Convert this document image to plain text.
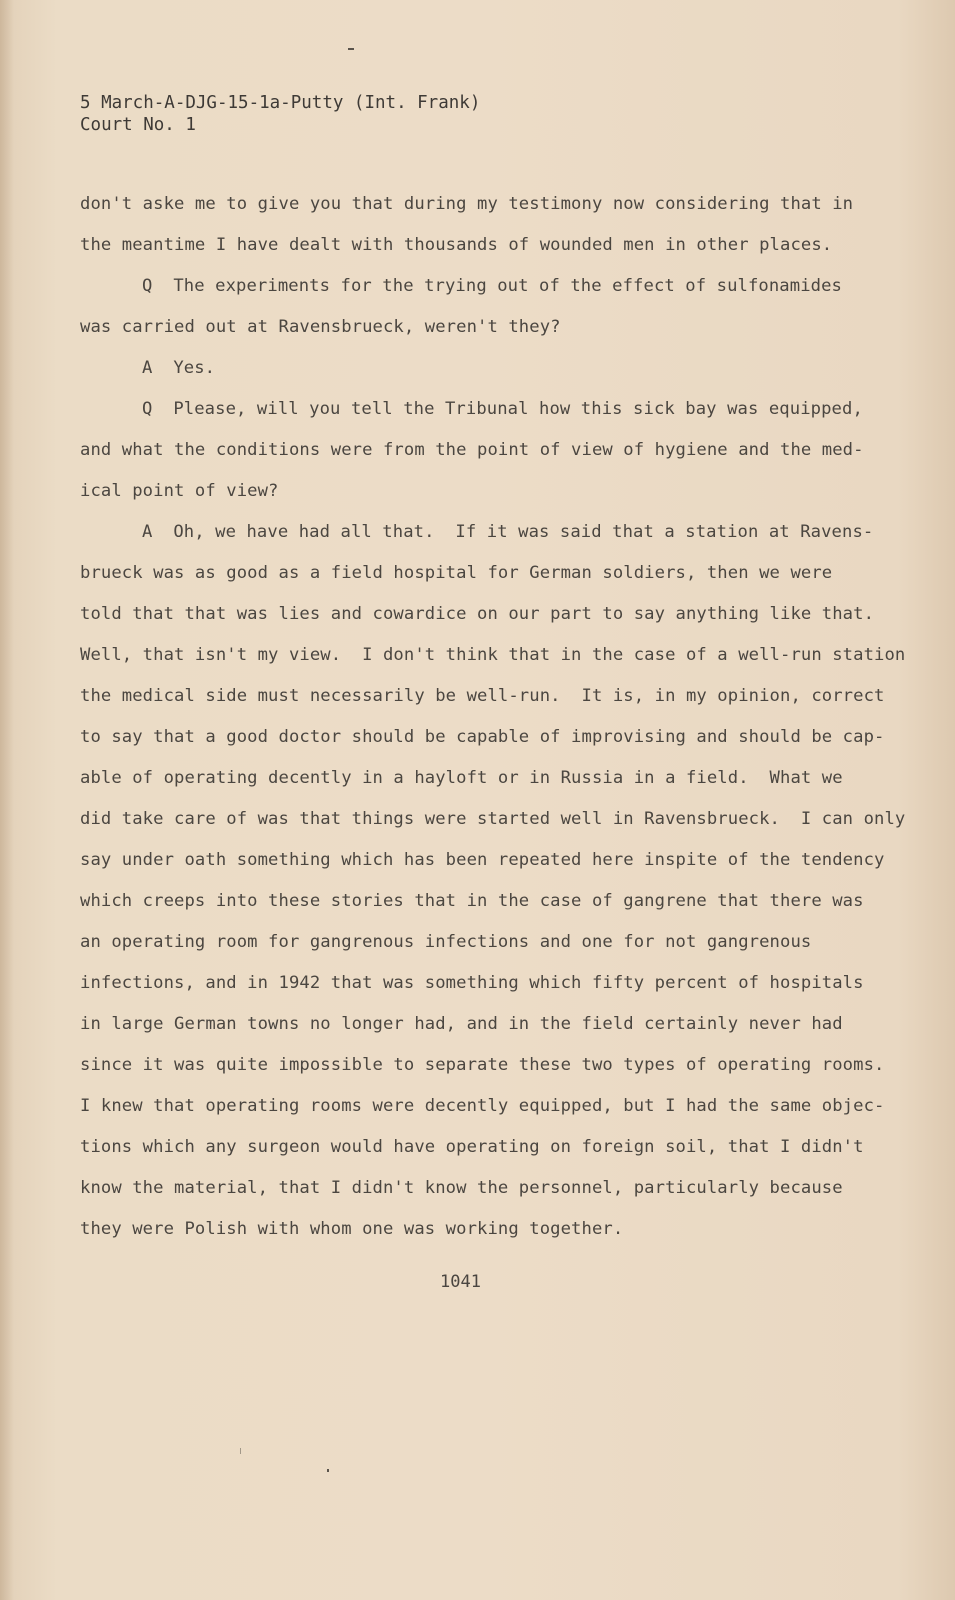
5 March-A-DJG-15-1a-Putty (Int. Frank)
Court No. 1
don't aske me to give you that during my testimony now considering that in
the meantime I have dealt with thousands of wounded men in other places.
Q  The experiments for the trying out of the effect of sulfonamides
was carried out at Ravensbrueck, weren't they?
A  Yes.
Q  Please, will you tell the Tribunal how this sick bay was equipped,
and what the conditions were from the point of view of hygiene and the med-
ical point of view?
A  Oh, we have had all that.  If it was said that a station at Ravens-
brueck was as good as a field hospital for German soldiers, then we were
told that that was lies and cowardice on our part to say anything like that.
Well, that isn't my view.  I don't think that in the case of a well-run station
the medical side must necessarily be well-run.  It is, in my opinion, correct
to say that a good doctor should be capable of improvising and should be cap-
able of operating decently in a hayloft or in Russia in a field.  What we
did take care of was that things were started well in Ravensbrueck.  I can only
say under oath something which has been repeated here inspite of the tendency
which creeps into these stories that in the case of gangrene that there was
an operating room for gangrenous infections and one for not gangrenous
infections, and in 1942 that was something which fifty percent of hospitals
in large German towns no longer had, and in the field certainly never had
since it was quite impossible to separate these two types of operating rooms.
I knew that operating rooms were decently equipped, but I had the same objec-
tions which any surgeon would have operating on foreign soil, that I didn't
know the material, that I didn't know the personnel, particularly because
they were Polish with whom one was working together.
1041
